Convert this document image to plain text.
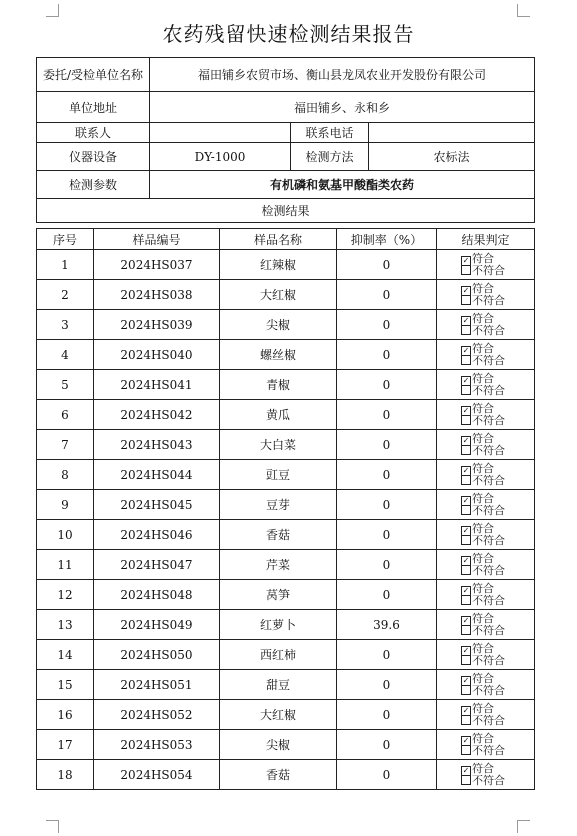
农药残留快速检测结果报告
委托/受检单位名称	福田铺乡农贸市场、衡山县龙凤农业开发股份有限公司		
单位地址	福田铺乡、永和乡		
联系人		联系电话	
仪器设备	DY-1000	检测方法	农标法
检测参数	有机磷和氨基甲酸酯类农药		
检测结果			
序号	样品编号	样品名称	抑制率（%）	结果判定
1	2024HS037	红辣椒	0	✓ 符合
不符合

2	2024HS038	大红椒	0	✓ 符合
不符合

3	2024HS039	尖椒	0	✓ 符合
不符合

4	2024HS040	螺丝椒	0	✓ 符合
不符合

5	2024HS041	青椒	0	✓ 符合
不符合

6	2024HS042	黄瓜	0	✓ 符合
不符合

7	2024HS043	大白菜	0	✓ 符合
不符合

8	2024HS044	豇豆	0	✓ 符合
不符合

9	2024HS045	豆芽	0	✓ 符合
不符合

10	2024HS046	香菇	0	✓ 符合
不符合

11	2024HS047	芹菜	0	✓ 符合
不符合

12	2024HS048	莴笋	0	✓ 符合
不符合

13	2024HS049	红萝卜	39.6	✓ 符合
不符合

14	2024HS050	西红柿	0	✓ 符合
不符合

15	2024HS051	甜豆	0	✓ 符合
不符合

16	2024HS052	大红椒	0	✓ 符合
不符合

17	2024HS053	尖椒	0	✓ 符合
不符合

18	2024HS054	香菇	0	✓ 符合
不符合
